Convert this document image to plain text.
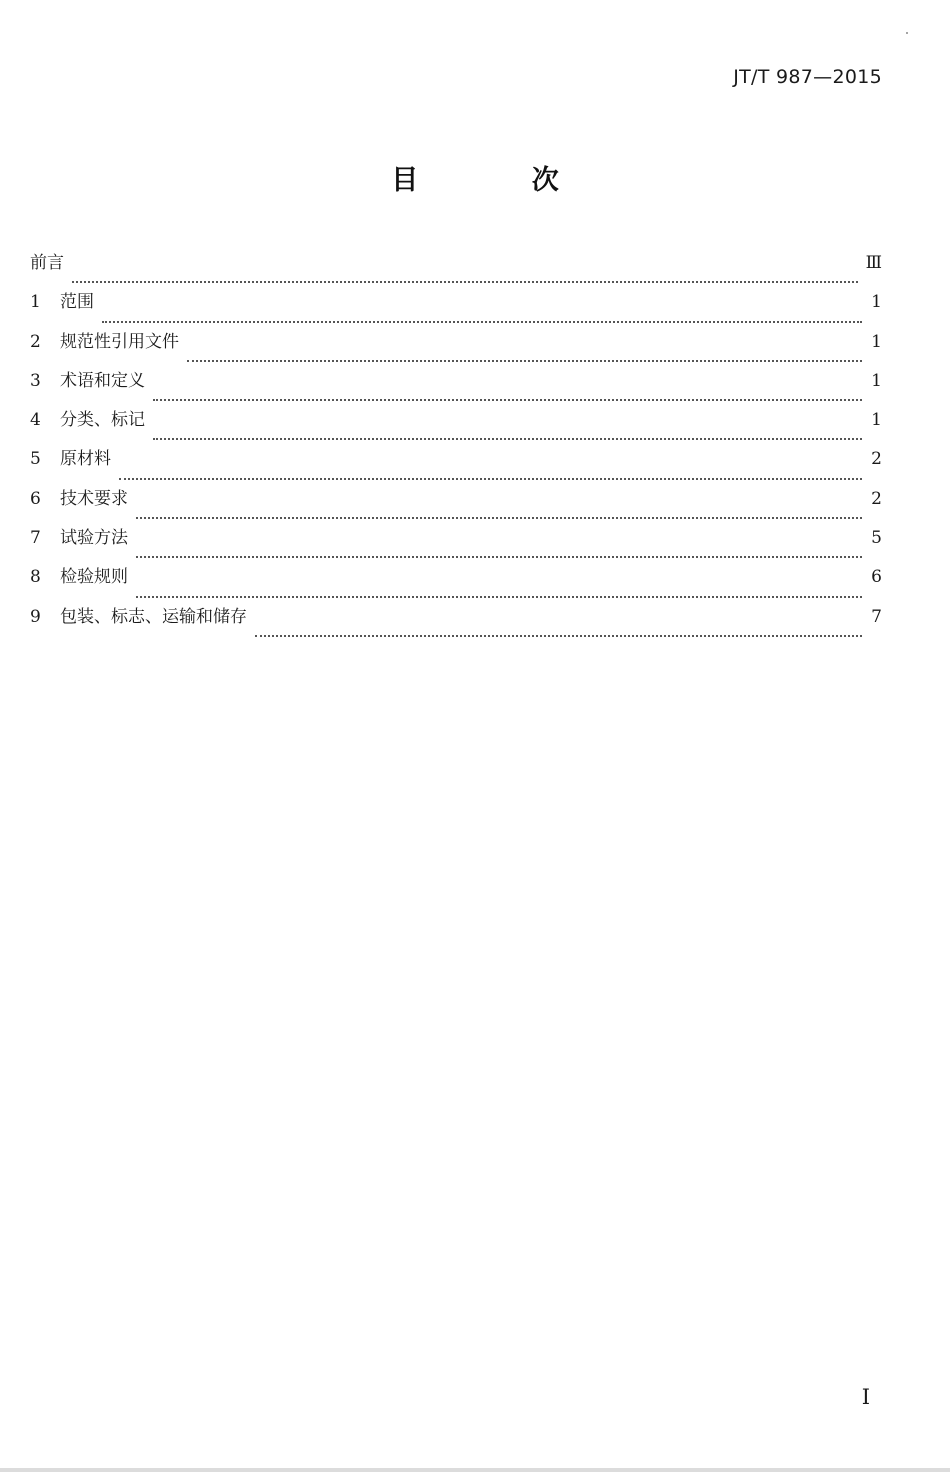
JT/T 987—2015
目 次
前言	Ⅲ
1	范围	1
2	规范性引用文件	1
3	术语和定义	1
4	分类、标记	1
5	原材料	2
6	技术要求	2
7	试验方法	5
8	检验规则	6
9	包装、标志、运输和储存	7
I
